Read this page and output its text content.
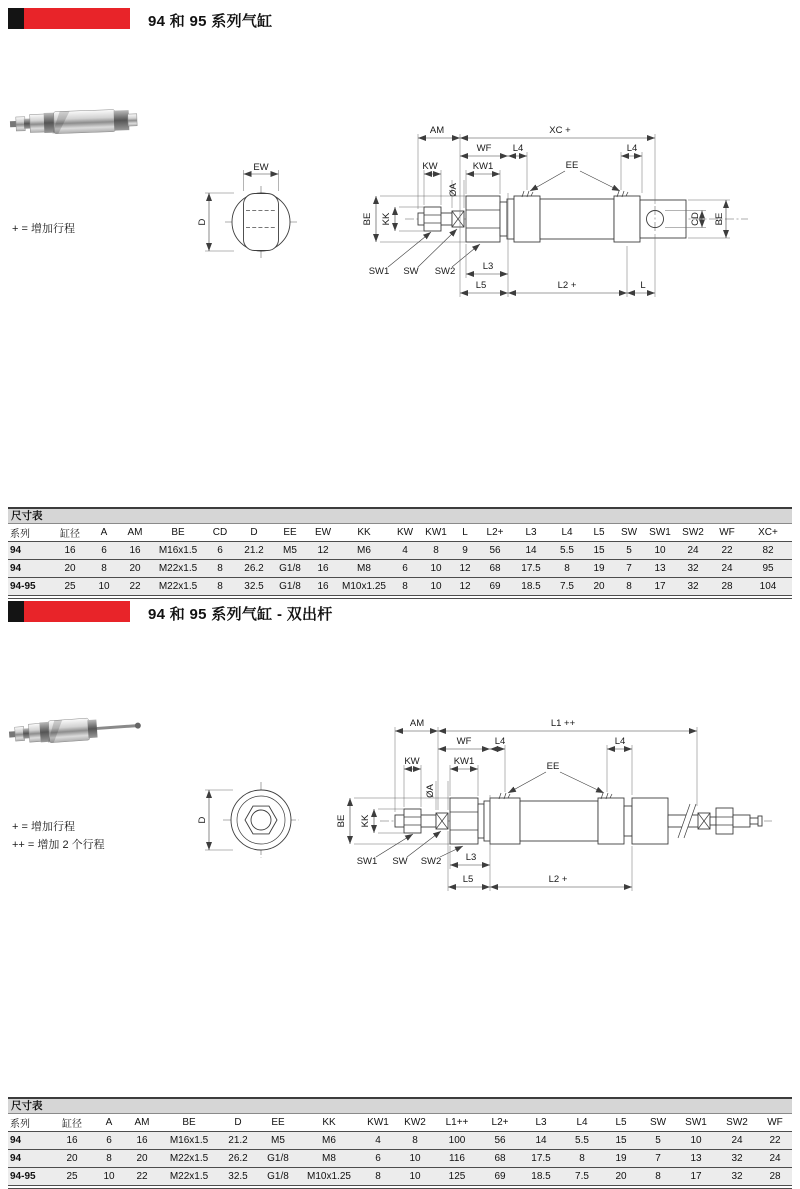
94 和 95 系列气缸
+ = 增加行程
EW
D
AM	XC +
WF L4	L4
KW	KW1	EE
ØA
BE KK
SW1 SW SW2	L3
L5	L2 +	L
CD BE
尺寸表
系列	缸径	A	AM	BE	CD	D	EE	EW	KK	KW	KW1	L	L2+	L3	L4	L5	SW	SW1	SW2	WF	XC+
94	16	6	16	M16x1.5	6	21.2	M5	12	M6	4	8	9	56	14	5.5	15	5	10	24	22	82
94	20	8	20	M22x1.5	8	26.2	G1/8	16	M8	6	10	12	68	17.5	8	19	7	13	32	24	95
94-95	25	10	22	M22x1.5	8	32.5	G1/8	16	M10x1.25	8	10	12	69	18.5	7.5	20	8	17	32	28	104
94 和 95 系列气缸 - 双出杆
+ = 增加行程
++ = 增加 2 个行程
D
AM	L1 ++
WF L4	L4
KW	KW1	EE
ØA
BE KK
SW1 SW SW2	L3
L5	L2 +
尺寸表
系列	缸径	A	AM	BE	D	EE	KK	KW1	KW2	L1++	L2+	L3	L4	L5	SW	SW1	SW2	WF
94	16	6	16	M16x1.5	21.2	M5	M6	4	8	100	56	14	5.5	15	5	10	24	22
94	20	8	20	M22x1.5	26.2	G1/8	M8	6	10	116	68	17.5	8	19	7	13	32	24
94-95	25	10	22	M22x1.5	32.5	G1/8	M10x1.25	8	10	125	69	18.5	7.5	20	8	17	32	28
